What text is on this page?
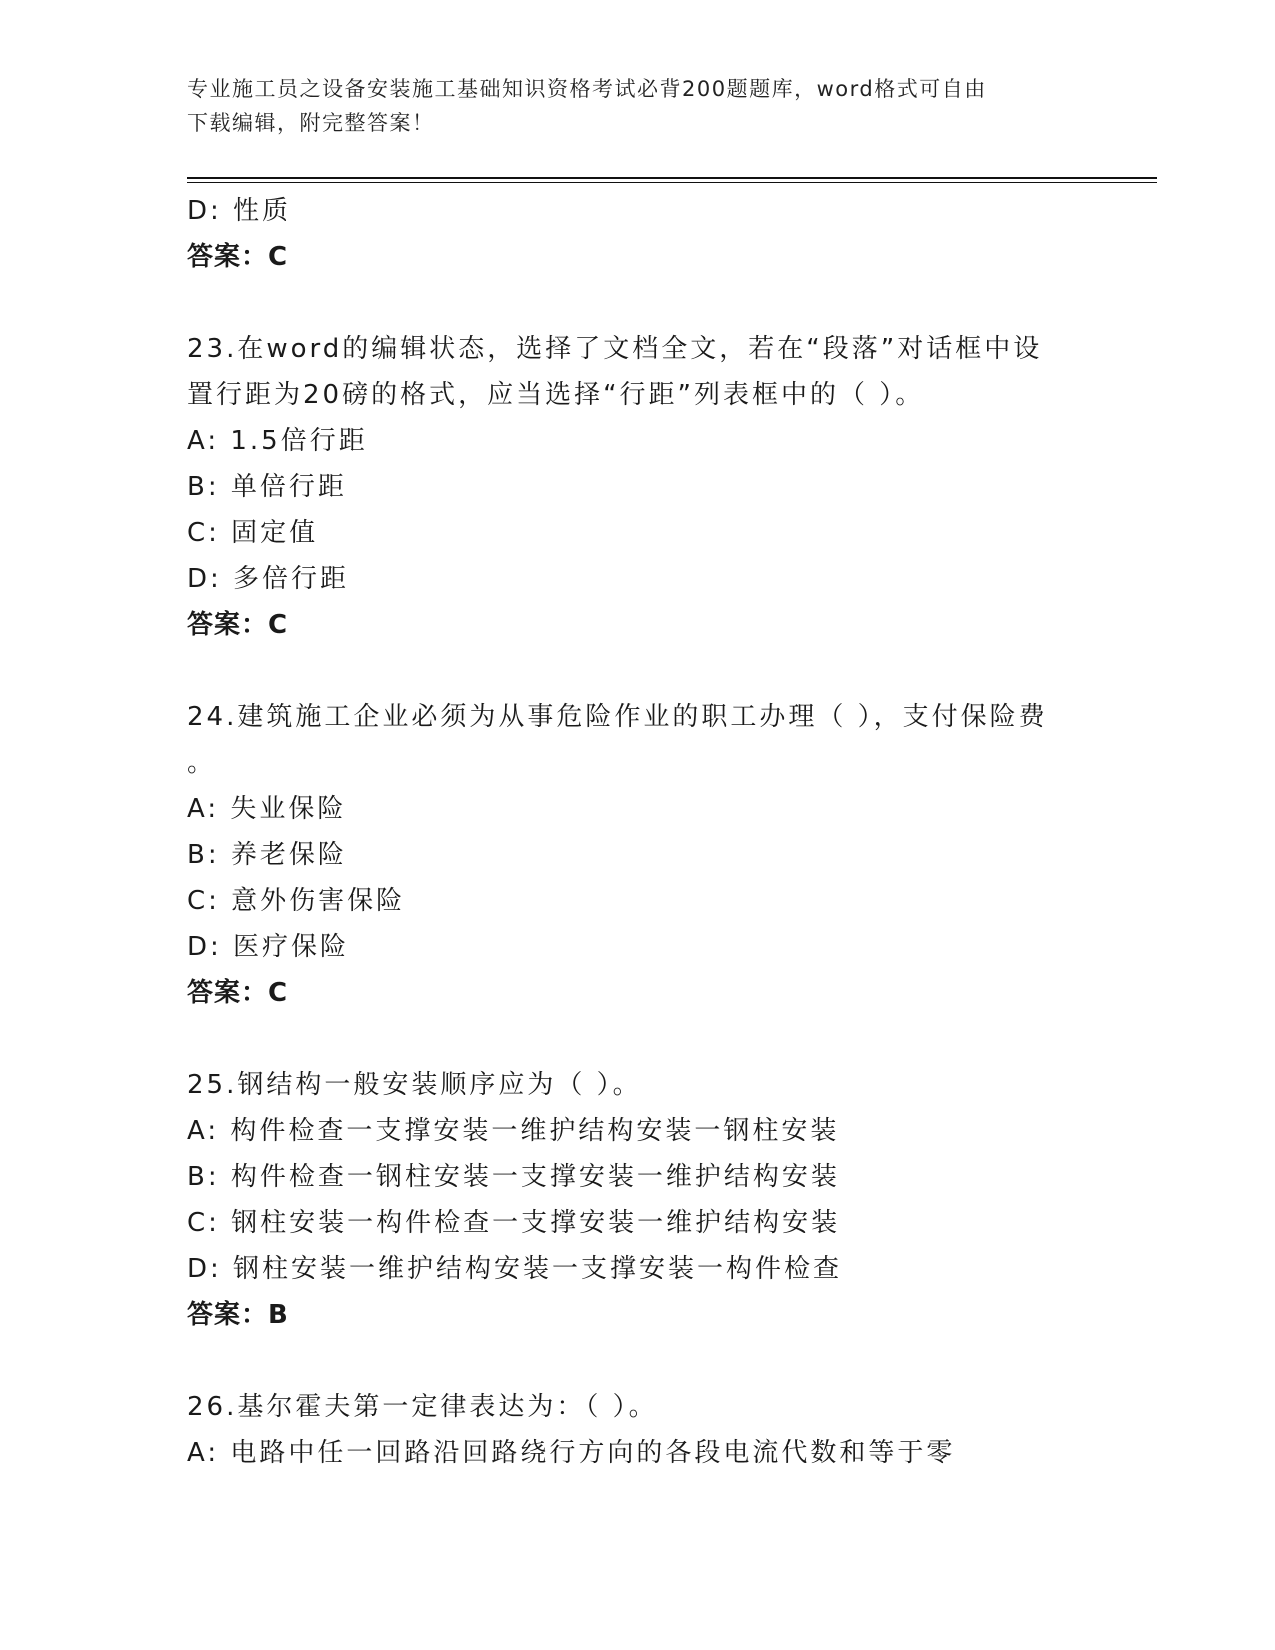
专业施工员之设备安装施工基础知识资格考试必背200题题库，word格式可自由
下载编辑，附完整答案！
D: 性质
答案：C
23.在word的编辑状态，选择了文档全文，若在“段落”对话框中设
置行距为20磅的格式，应当选择“行距”列表框中的（ ）。
A: 1.5倍行距
B: 单倍行距
C: 固定值
D: 多倍行距
答案：C
24.建筑施工企业必须为从事危险作业的职工办理（ ），支付保险费
。
A: 失业保险
B: 养老保险
C: 意外伤害保险
D: 医疗保险
答案：C
25.钢结构一般安装顺序应为（ ）。
A: 构件检查一支撑安装一维护结构安装一钢柱安装
B: 构件检查一钢柱安装一支撑安装一维护结构安装
C: 钢柱安装一构件检查一支撑安装一维护结构安装
D: 钢柱安装一维护结构安装一支撑安装一构件检查
答案：B
26.基尔霍夫第一定律表达为：（ ）。
A: 电路中任一回路沿回路绕行方向的各段电流代数和等于零
